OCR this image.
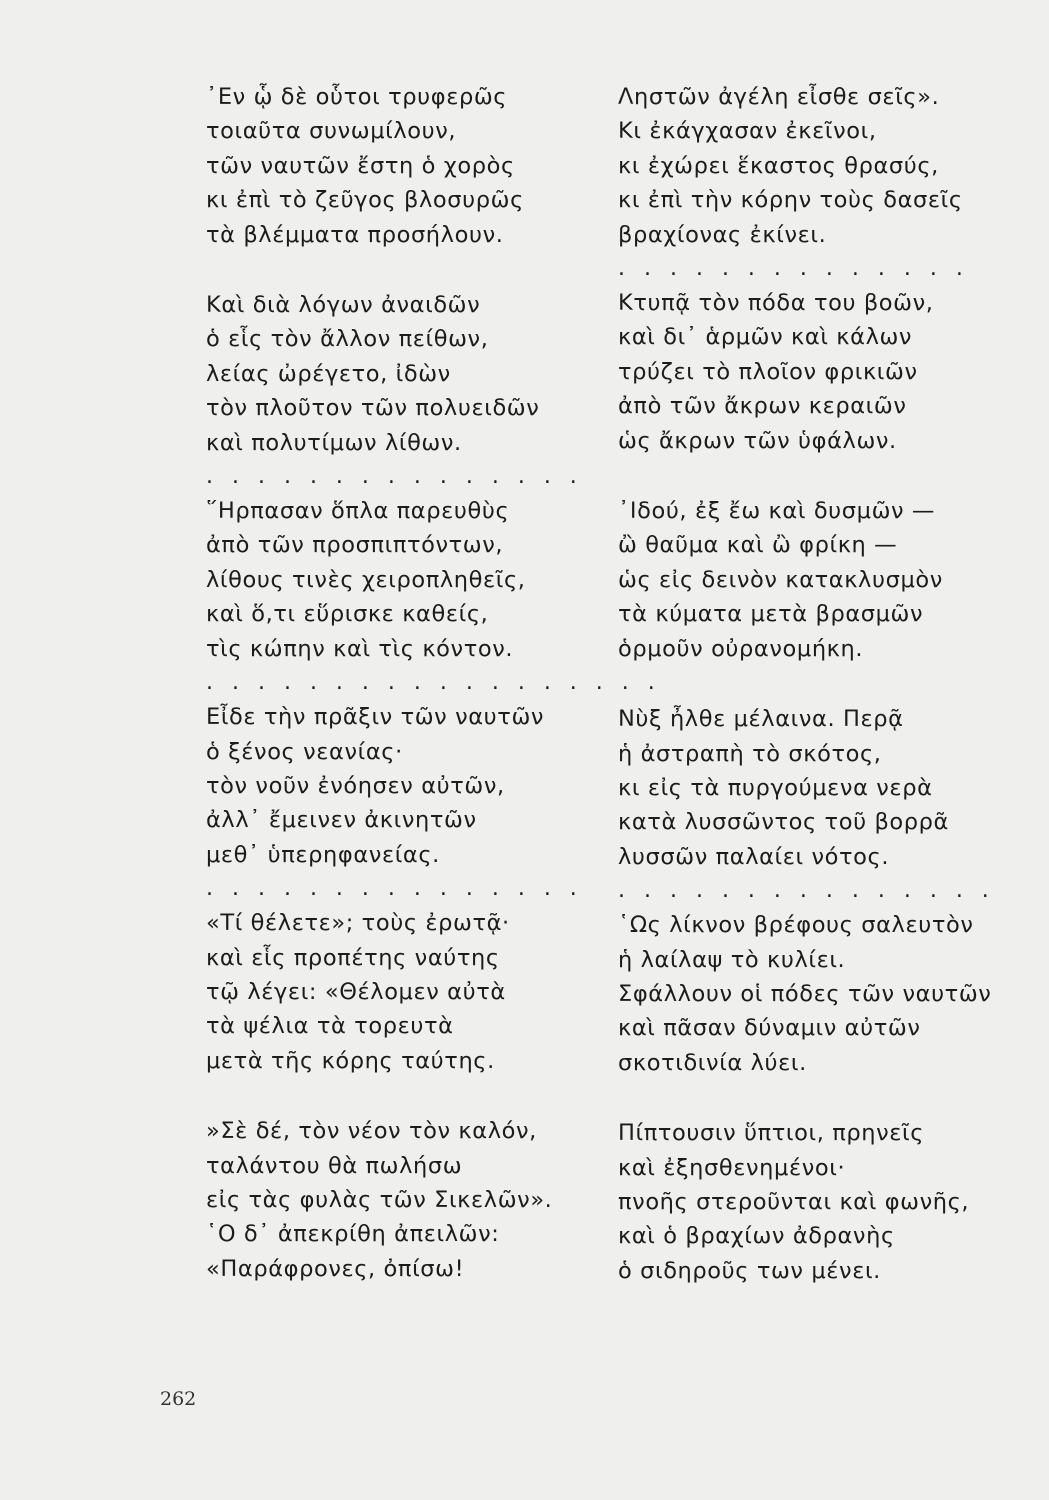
᾿Εν ᾧ δὲ οὗτοι τρυφερῶς
τοιαῦτα συνωμίλουν,
τῶν ναυτῶν ἔστη ὁ χορὸς
κι ἐπὶ τὸ ζεῦγος βλοσυρῶς
τὰ βλέμματα προσήλουν.
Καὶ διὰ λόγων ἀναιδῶν
ὁ εἷς τὸν ἄλλον πείθων,
λείας ὠρέγετο, ἰδὼν
τὸν πλοῦτον τῶν πολυειδῶν
καὶ πολυτίμων λίθων.
. . . . . . . . . . . . . . .
῞Ηρπασαν ὅπλα παρευθὺς
ἀπὸ τῶν προσπιπτόντων,
λίθους τινὲς χειροπληθεῖς,
καὶ ὅ,τι εὕρισκε καθείς,
τὶς κώπην καὶ τὶς κόντον.
. . . . . . . . . . . . . . . . . .
Εἶδε τὴν πρᾶξιν τῶν ναυτῶν
ὁ ξένος νεανίας·
τὸν νοῦν ἐνόησεν αὐτῶν,
ἀλλ᾿ ἔμεινεν ἀκινητῶν
μεθ᾿ ὑπερηφανείας.
. . . . . . . . . . . . . . .
«Τί θέλετε»; τοὺς ἐρωτᾷ·
καὶ εἷς προπέτης ναύτης
τῷ λέγει: «Θέλομεν αὐτὰ
τὰ ψέλια τὰ τορευτὰ
μετὰ τῆς κόρης ταύτης.
»Σὲ δέ, τὸν νέον τὸν καλόν,
ταλάντου θὰ πωλήσω
εἰς τὰς φυλὰς τῶν Σικελῶν».
῾Ο δ᾿ ἀπεκρίθη ἀπειλῶν:
«Παράφρονες, ὀπίσω!
Ληστῶν ἀγέλη εἶσθε σεῖς».
Κι ἐκάγχασαν ἐκεῖνοι,
κι ἐχώρει ἕκαστος θρασύς,
κι ἐπὶ τὴν κόρην τοὺς δασεῖς
βραχίονας ἐκίνει.
. . . . . . . . . . . . . .
Κτυπᾷ τὸν πόδα του βοῶν,
καὶ δι᾿ ἁρμῶν καὶ κάλων
τρύζει τὸ πλοῖον φρικιῶν
ἀπὸ τῶν ἄκρων κεραιῶν
ὡς ἄκρων τῶν ὑφάλων.
᾿Ιδού, ἐξ ἔω καὶ δυσμῶν —
ὢ θαῦμα καὶ ὢ φρίκη —
ὡς εἰς δεινὸν κατακλυσμὸν
τὰ κύματα μετὰ βρασμῶν
ὁρμοῦν οὐρανομήκη.
Νὺξ ἦλθε μέλαινα. Περᾷ
ἡ ἀστραπὴ τὸ σκότος,
κι εἰς τὰ πυργούμενα νερὰ
κατὰ λυσσῶντος τοῦ βορρᾶ
λυσσῶν παλαίει νότος.
. . . . . . . . . . . . . . .
῾Ως λίκνον βρέφους σαλευτὸν
ἡ λαίλαψ τὸ κυλίει.
Σφάλλουν οἱ πόδες τῶν ναυτῶν
καὶ πᾶσαν δύναμιν αὐτῶν
σκοτιδινία λύει.
Πίπτουσιν ὕπτιοι, πρηνεῖς
καὶ ἐξησθενημένοι·
πνοῆς στεροῦνται καὶ φωνῆς,
καὶ ὁ βραχίων ἀδρανὴς
ὁ σιδηροῦς των μένει.
262
